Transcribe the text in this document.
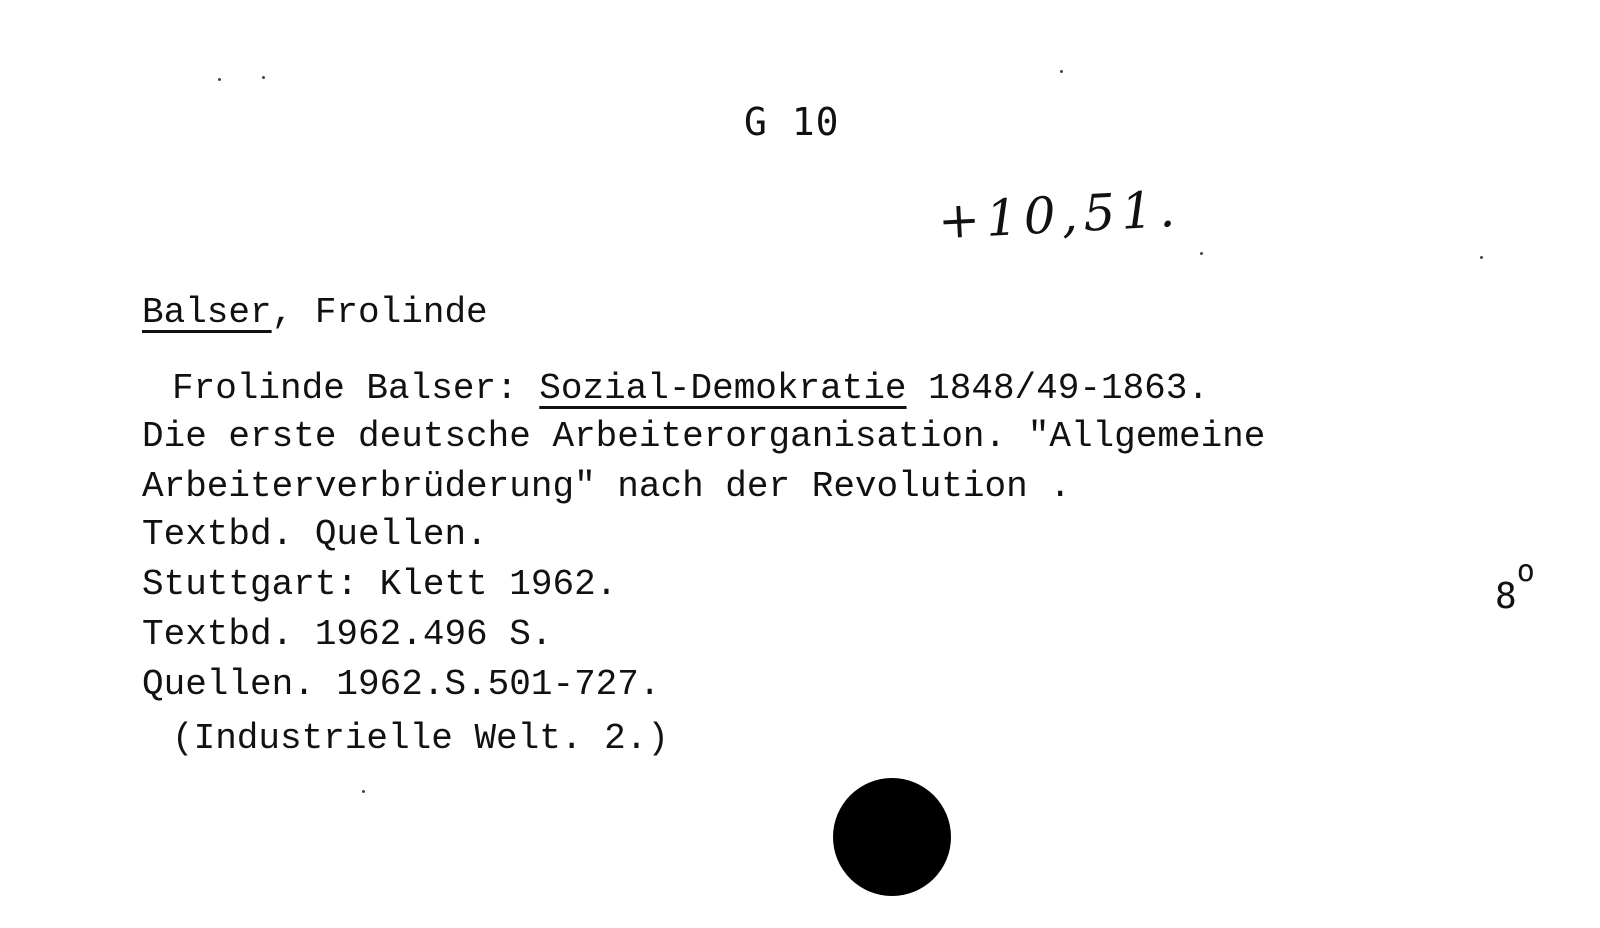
G 10
+10,51.
Balser, Frolinde
Frolinde Balser: Sozial-Demokratie 1848/49-1863.
Die erste deutsche Arbeiterorganisation. "Allgemeine
Arbeiterverbrüderung" nach der Revolution .
Textbd. Quellen.
Stuttgart: Klett 1962.
Textbd. 1962.496 S.
Quellen. 1962.S.501-727.
(Industrielle Welt. 2.)
8$^o$
